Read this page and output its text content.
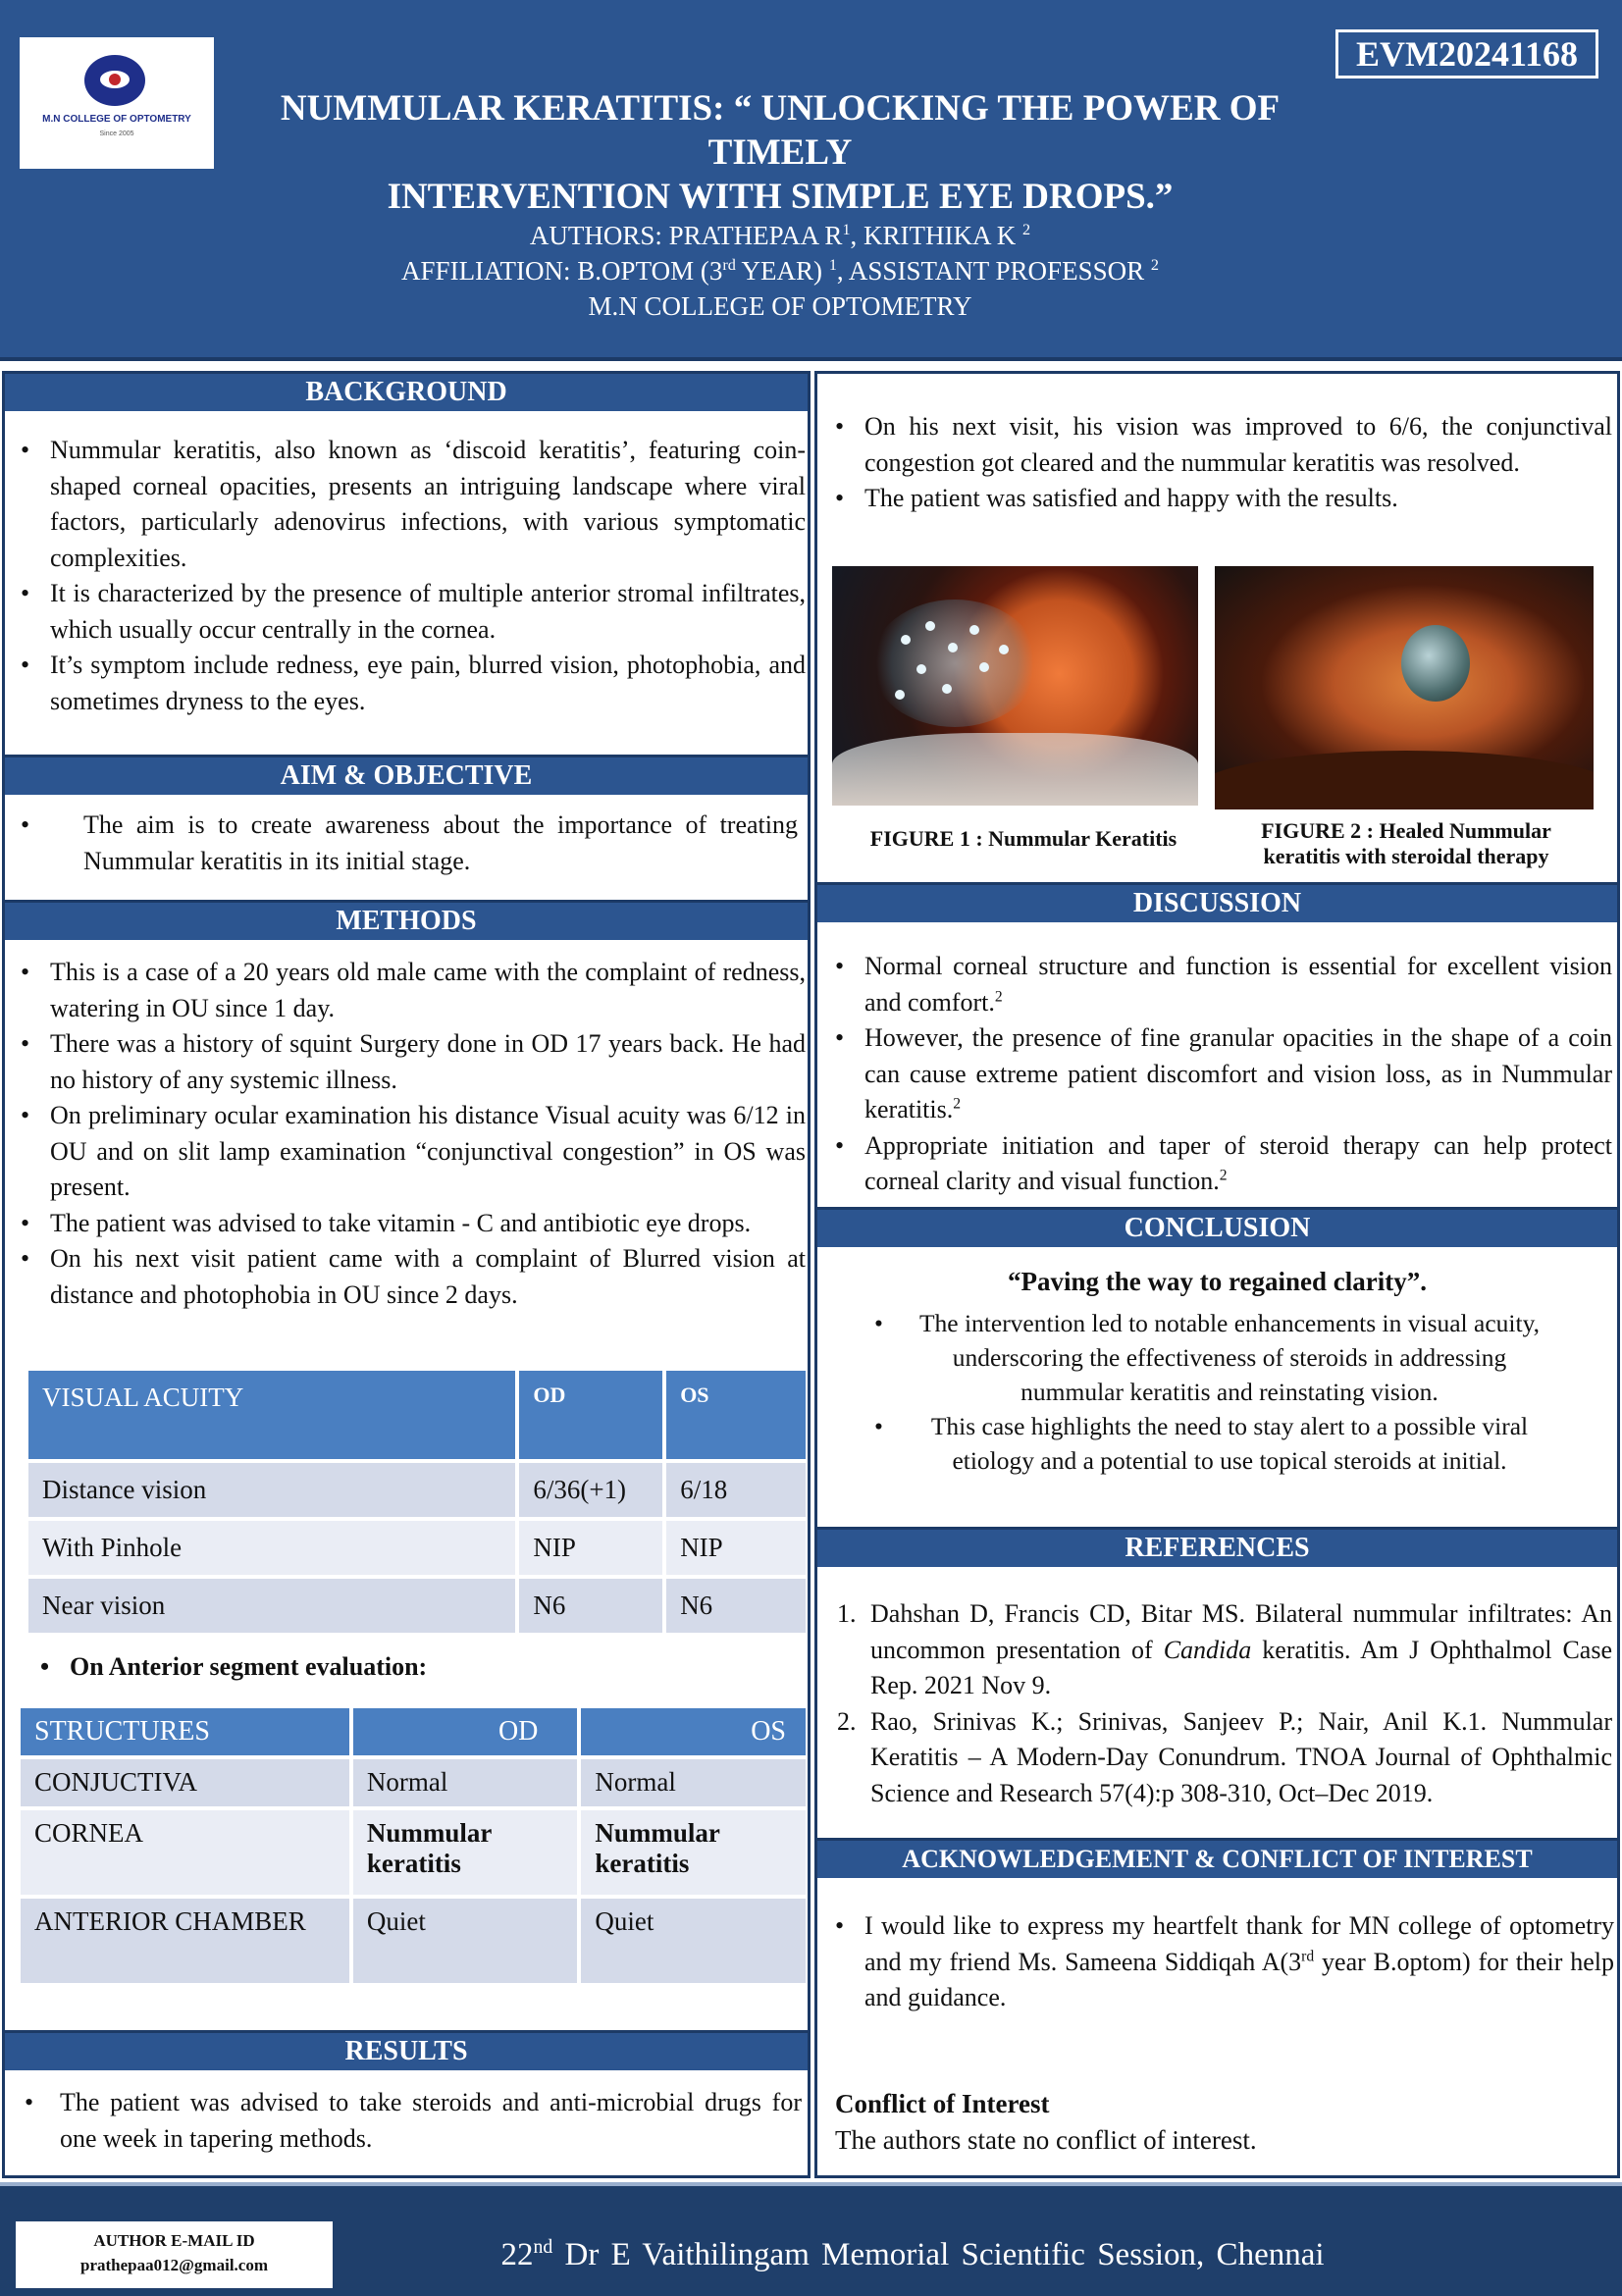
M.N COLLEGE OF OPTOMETRY
Since 2005
EVM20241168
NUMMULAR KERATITIS: “ UNLOCKING THE POWER OF TIMELY
INTERVENTION WITH SIMPLE EYE DROPS.”
AUTHORS: PRATHEPAA $R^1$, KRITHIKA K $^2$
AFFILIATION: B.OPTOM (3rd YEAR) $^1$, ASSISTANT PROFESSOR $^2$
M.N COLLEGE OF OPTOMETRY
BACKGROUND
• Nummular keratitis, also known as ‘discoid keratitis’, featuring coin-shaped corneal opacities, presents an intriguing landscape where viral factors, particularly adenovirus infections, with various symptomatic complexities.
• It is characterized by the presence of multiple anterior stromal infiltrates, which usually occur centrally in the cornea.
• It’s symptom include redness, eye pain, blurred vision, photophobia, and sometimes dryness to the eyes.
AIM & OBJECTIVE
• The aim is to create awareness about the importance of treating Nummular keratitis in its initial stage.
METHODS
• This is a case of a 20 years old male came with the complaint of redness, watering in OU since 1 day.
• There was a history of squint Surgery done in OD 17 years back. He had no history of any systemic illness.
• On preliminary ocular examination his distance Visual acuity was 6/12 in OU and on slit lamp examination “conjunctival congestion” in OS was present.
• The patient was advised to take vitamin - C and antibiotic eye drops.
• On his next visit patient came with a complaint of Blurred vision at distance and photophobia in OU since 2 days.
VISUAL ACUITY	OD	OS
Distance vision	6/36(+1)	6/18
With Pinhole	NIP	NIP
Near vision	N6	N6
• On Anterior segment evaluation:
STRUCTURES	OD	OS
CONJUCTIVA	Normal	Normal
CORNEA	Nummular keratitis	Nummular keratitis
ANTERIOR CHAMBER	Quiet	Quiet
RESULTS
• The patient was advised to take steroids and anti-microbial drugs for one week in tapering methods.
• On his next visit, his vision was improved to 6/6, the conjunctival congestion got cleared and the nummular keratitis was resolved.
• The patient was satisfied and happy with the results.
FIGURE 1 : Nummular Keratitis	FIGURE 2 : Healed Nummular
keratitis with steroidal therapy
DISCUSSION
• Normal corneal structure and function is essential for excellent vision and comfort.$^2$
• However, the presence of fine granular opacities in the shape of a coin can cause extreme patient discomfort and vision loss, as in Nummular keratitis.$^2$
• Appropriate initiation and taper of steroid therapy can help protect corneal clarity and visual function.$^2$
CONCLUSION
“Paving the way to regained clarity”.
• The intervention led to notable enhancements in visual acuity, underscoring the effectiveness of steroids in addressing nummular keratitis and reinstating vision.
• This case highlights the need to stay alert to a possible viral etiology and a potential to use topical steroids at initial.
REFERENCES
1. Dahshan D, Francis CD, Bitar MS. Bilateral nummular infiltrates: An uncommon presentation of Candida keratitis. Am J Ophthalmol Case Rep. 2021 Nov 9.
2. Rao, Srinivas K.; Srinivas, Sanjeev P.; Nair, Anil K.1. Nummular Keratitis – A Modern-Day Conundrum. TNOA Journal of Ophthalmic Science and Research 57(4):p 308-310, Oct–Dec 2019.
ACKNOWLEDGEMENT & CONFLICT OF INTEREST
• I would like to express my heartfelt thank for MN college of optometry and my friend Ms. Sameena Siddiqah A(3rd year B.optom) for their help and guidance.
Conflict of Interest
The authors state no conflict of interest.
AUTHOR E-MAIL ID
prathepaa012@gmail.com	22nd Dr E Vaithilingam Memorial Scientific Session, Chennai
